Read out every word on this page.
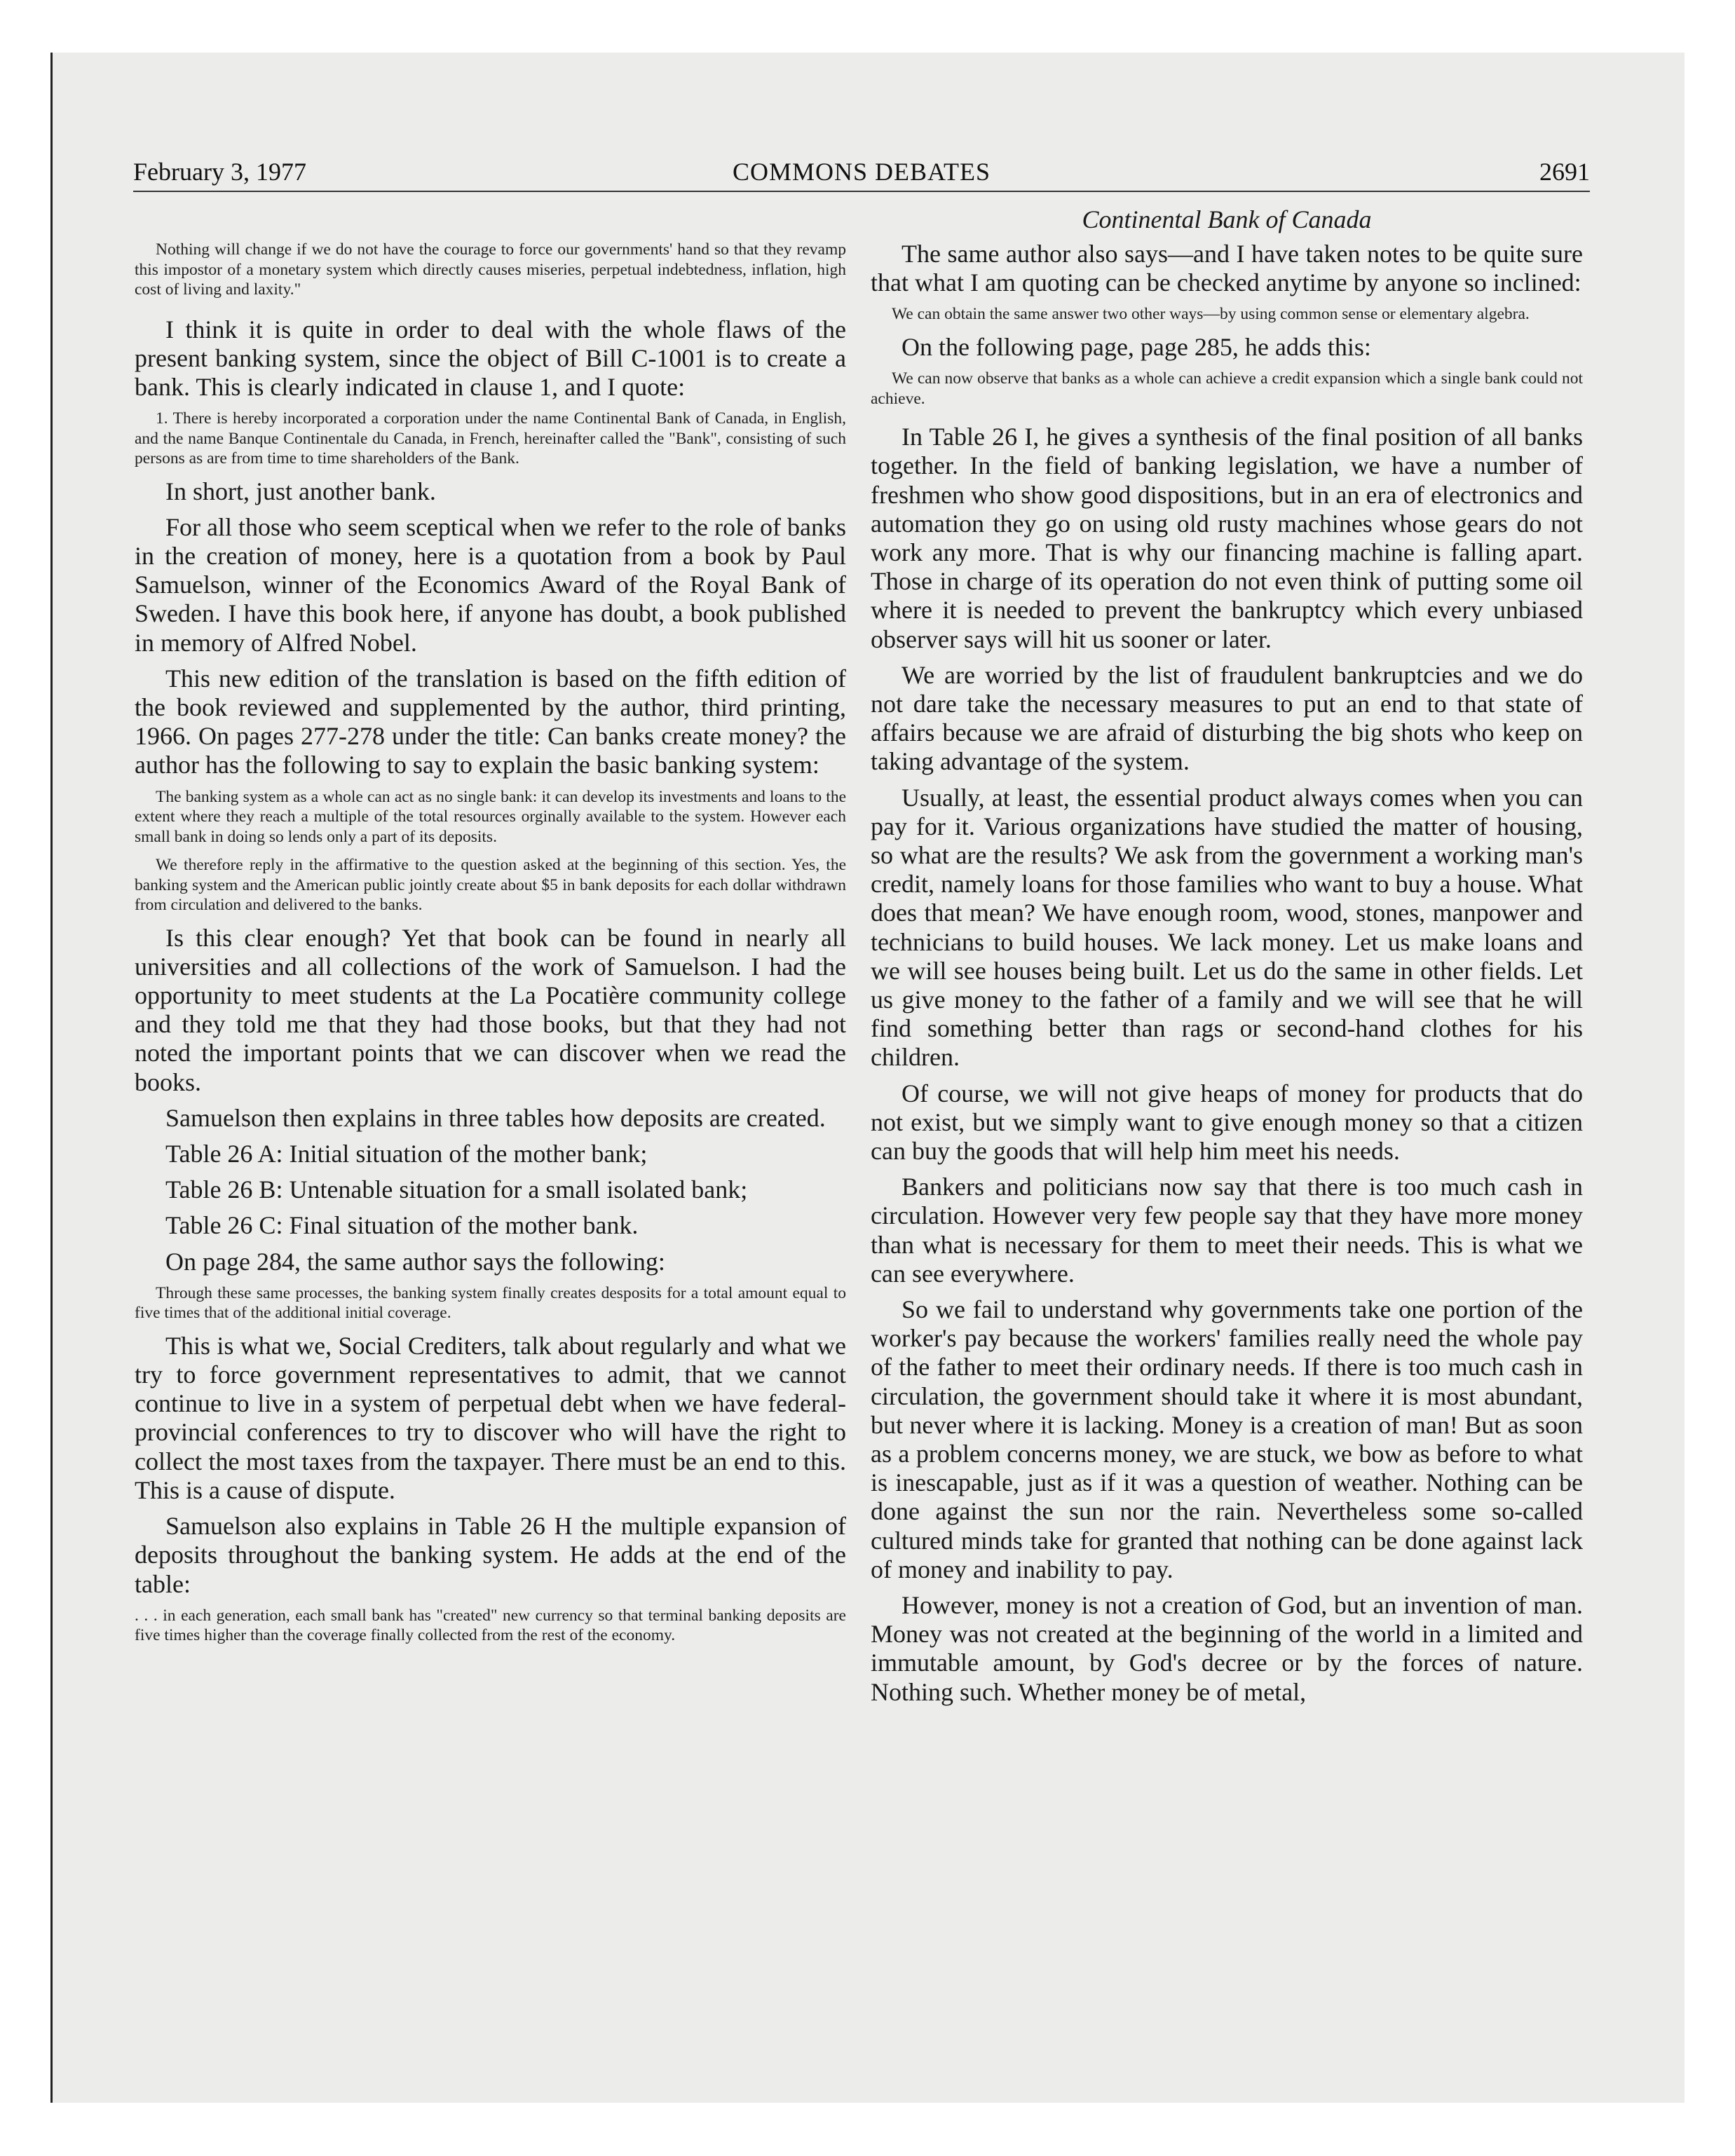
February 3, 1977	COMMONS DEBATES	2691

Nothing will change if we do not have the courage to force our governments' hand so that they revamp this impostor of a monetary system which directly causes miseries, perpetual indebtedness, inflation, high cost of living and laxity."

I think it is quite in order to deal with the whole flaws of the present banking system, since the object of Bill C-1001 is to create a bank. This is clearly indicated in clause 1, and I quote:

1. There is hereby incorporated a corporation under the name Continental Bank of Canada, in English, and the name Banque Continentale du Canada, in French, hereinafter called the "Bank", consisting of such persons as are from time to time shareholders of the Bank.

In short, just another bank.

For all those who seem sceptical when we refer to the role of banks in the creation of money, here is a quotation from a book by Paul Samuelson, winner of the Economics Award of the Royal Bank of Sweden. I have this book here, if anyone has doubt, a book published in memory of Alfred Nobel.

This new edition of the translation is based on the fifth edition of the book reviewed and supplemented by the author, third printing, 1966. On pages 277-278 under the title: Can banks create money? the author has the following to say to explain the basic banking system:

The banking system as a whole can act as no single bank: it can develop its investments and loans to the extent where they reach a multiple of the total resources orginally available to the system. However each small bank in doing so lends only a part of its deposits.

We therefore reply in the affirmative to the question asked at the beginning of this section. Yes, the banking system and the American public jointly create about $5 in bank deposits for each dollar withdrawn from circulation and delivered to the banks.

Is this clear enough? Yet that book can be found in nearly all universities and all collections of the work of Samuelson. I had the opportunity to meet students at the La Pocatière community college and they told me that they had those books, but that they had not noted the important points that we can discover when we read the books.

Samuelson then explains in three tables how deposits are created.

Table 26 A: Initial situation of the mother bank;

Table 26 B: Untenable situation for a small isolated bank;

Table 26 C: Final situation of the mother bank.

On page 284, the same author says the following:

Through these same processes, the banking system finally creates desposits for a total amount equal to five times that of the additional initial coverage.

This is what we, Social Crediters, talk about regularly and what we try to force government representatives to admit, that we cannot continue to live in a system of perpetual debt when we have federal-provincial conferences to try to discover who will have the right to collect the most taxes from the taxpayer. There must be an end to this. This is a cause of dispute.

Samuelson also explains in Table 26 H the multiple expansion of deposits throughout the banking system. He adds at the end of the table:

. . . in each generation, each small bank has "created" new currency so that terminal banking deposits are five times higher than the coverage finally collected from the rest of the economy.

Continental Bank of Canada

The same author also says—and I have taken notes to be quite sure that what I am quoting can be checked anytime by anyone so inclined:

We can obtain the same answer two other ways—by using common sense or elementary algebra.

On the following page, page 285, he adds this:

We can now observe that banks as a whole can achieve a credit expansion which a single bank could not achieve.

In Table 26 I, he gives a synthesis of the final position of all banks together. In the field of banking legislation, we have a number of freshmen who show good dispositions, but in an era of electronics and automation they go on using old rusty machines whose gears do not work any more. That is why our financing machine is falling apart. Those in charge of its operation do not even think of putting some oil where it is needed to prevent the bankruptcy which every unbiased observer says will hit us sooner or later.

We are worried by the list of fraudulent bankruptcies and we do not dare take the necessary measures to put an end to that state of affairs because we are afraid of disturbing the big shots who keep on taking advantage of the system.

Usually, at least, the essential product always comes when you can pay for it. Various organizations have studied the matter of housing, so what are the results? We ask from the government a working man's credit, namely loans for those families who want to buy a house. What does that mean? We have enough room, wood, stones, manpower and technicians to build houses. We lack money. Let us make loans and we will see houses being built. Let us do the same in other fields. Let us give money to the father of a family and we will see that he will find something better than rags or second-hand clothes for his children.

Of course, we will not give heaps of money for products that do not exist, but we simply want to give enough money so that a citizen can buy the goods that will help him meet his needs.

Bankers and politicians now say that there is too much cash in circulation. However very few people say that they have more money than what is necessary for them to meet their needs. This is what we can see everywhere.

So we fail to understand why governments take one portion of the worker's pay because the workers' families really need the whole pay of the father to meet their ordinary needs. If there is too much cash in circulation, the government should take it where it is most abundant, but never where it is lacking. Money is a creation of man! But as soon as a problem concerns money, we are stuck, we bow as before to what is inescapable, just as if it was a question of weather. Nothing can be done against the sun nor the rain. Nevertheless some so-called cultured minds take for granted that nothing can be done against lack of money and inability to pay.

However, money is not a creation of God, but an invention of man. Money was not created at the beginning of the world in a limited and immutable amount, by God's decree or by the forces of nature. Nothing such. Whether money be of metal,
